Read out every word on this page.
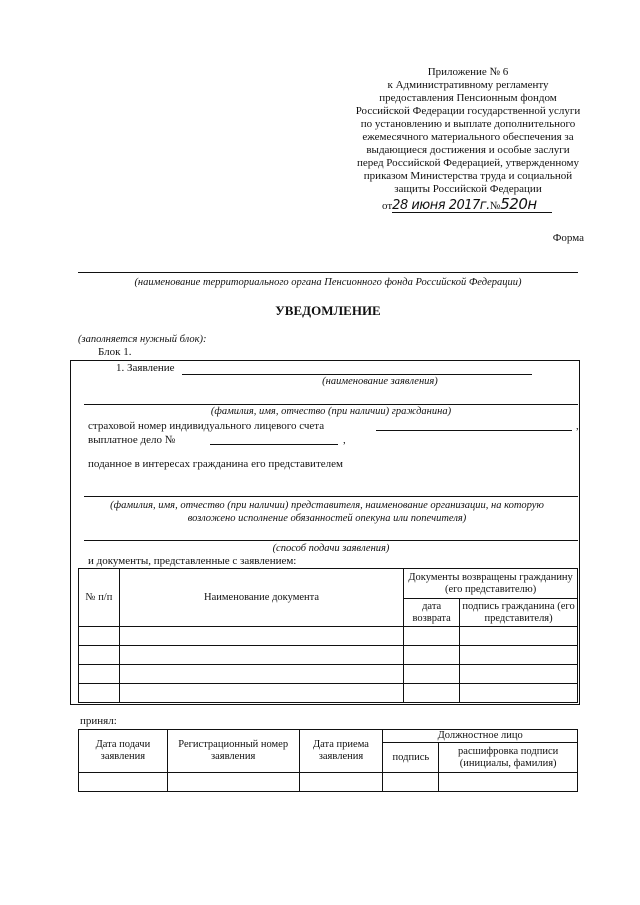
Приложение № 6
к Административному регламенту
предоставления Пенсионным фондом
Российской Федерации государственной услуги
по установлению и выплате дополнительного
ежемесячного материального обеспечения за
выдающиеся достижения и особые заслуги
перед Российской Федерацией, утвержденному
приказом Министерства труда и социальной
защиты Российской Федерации
от28 июня 2017г.№520н
Форма
(наименование территориального органа Пенсионного фонда Российской Федерации)
УВЕДОМЛЕНИЕ
(заполняется нужный блок):
Блок 1.
1. Заявление
(наименование заявления)
(фамилия, имя, отчество (при наличии) гражданина)
страховой номер индивидуального лицевого счета	,
выплатное дело №	,
поданное в интересах гражданина его представителем
(фамилия, имя, отчество (при наличии) представителя, наименование организации, на которую
возложено исполнение обязанностей опекуна или попечителя)
(способ подачи заявления)
и документы, представленные с заявлением:
№ п/п	Наименование документа	Документы возвращены гражданину (его представителю)	
		дата возврата	подпись гражданина (его представителя)

принял:
Дата подачи заявления	Регистрационный номер заявления	Дата приема заявления	Должностное лицо	
			подпись	расшифровка подписи (инициалы, фамилия)
